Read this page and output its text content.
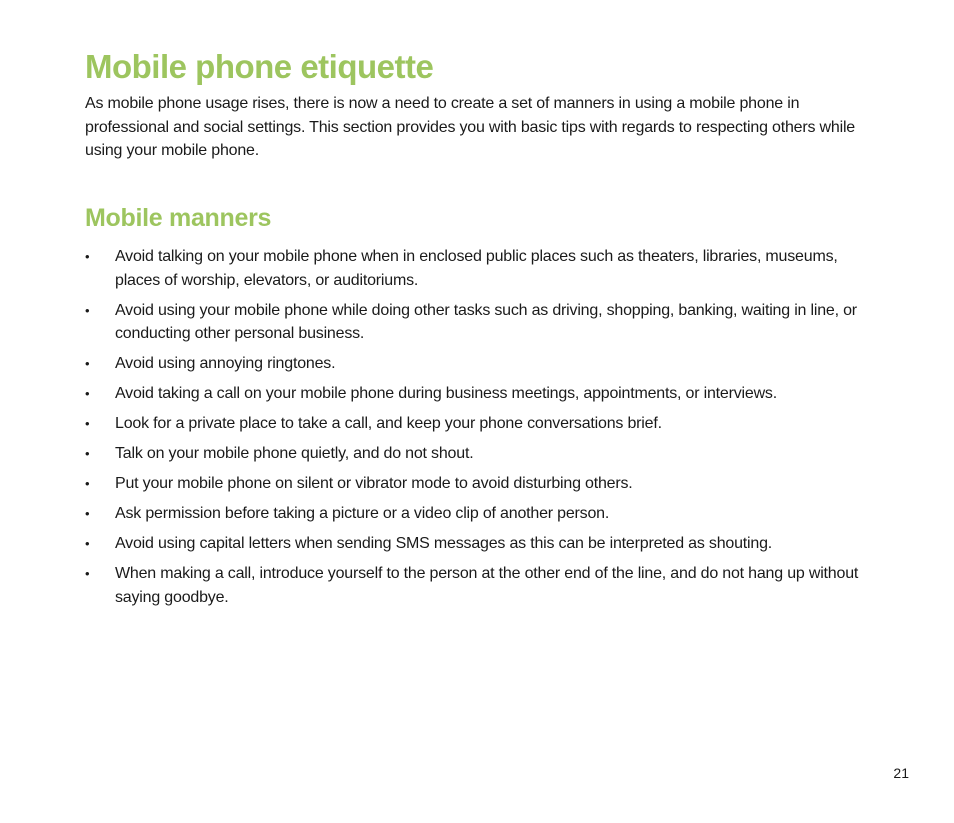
Mobile phone etiquette

As mobile phone usage rises, there is now a need to create a set of manners in using a mobile phone in professional and social settings. This section provides you with basic tips with regards to respecting others while using your mobile phone.

Mobile manners
• Avoid talking on your mobile phone when in enclosed public places such as theaters, libraries, museums, places of worship, elevators, or auditoriums.
• Avoid using your mobile phone while doing other tasks such as driving, shopping, banking, waiting in line, or conducting other personal business.
• Avoid using annoying ringtones.
• Avoid taking a call on your mobile phone during business meetings, appointments, or interviews.
• Look for a private place to take a call, and keep your phone conversations brief.
• Talk on your mobile phone quietly, and do not shout.
• Put your mobile phone on silent or vibrator mode to avoid disturbing others.
• Ask permission before taking a picture or a video clip of another person.
• Avoid using capital letters when sending SMS messages as this can be interpreted as shouting.
• When making a call, introduce yourself to the person at the other end of the line, and do not hang up without saying goodbye.
21
